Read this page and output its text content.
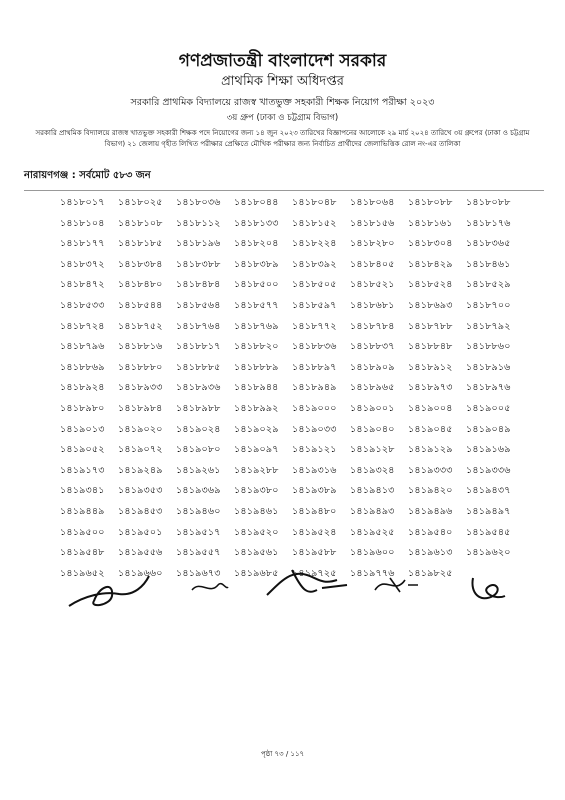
গণপ্রজাতন্ত্রী বাংলাদেশ সরকার
প্রাথমিক শিক্ষা অধিদপ্তর
সরকারি প্রাথমিক বিদ্যালয়ে রাজস্ব খাতভুক্ত সহকারী শিক্ষক নিয়োগ পরীক্ষা ২০২৩
৩য় গ্রুপ (ঢাকা ও চট্টগ্রাম বিভাগ)
সরকারি প্রাথমিক বিদ্যালয়ে রাজস্ব খাতভুক্ত সহকারী শিক্ষক পদে নিয়োগের জন্য ১৪ জুন ২০২৩ তারিখের বিজ্ঞাপনের আলোকে ২৯ মার্চ ২০২৪ তারিখে ৩য় গ্রুপের (ঢাকা ও চট্টগ্রাম বিভাগ) ২১ জেলায় গৃহীত লিখিত পরীক্ষার প্রেক্ষিতে মৌখিক পরীক্ষার জন্য নির্বাচিত প্রার্থীদের জেলাভিত্তিক রোল নং-এর তালিকা
নারায়ণগঞ্জ : সর্বমোট ৫৮৩ জন
১৪১৮০১৭	১৪১৮০২৫	১৪১৮০৩৬	১৪১৮০৪৪	১৪১৮০৪৮	১৪১৮০৬৪	১৪১৮০৮৮	১৪১৮০৮৮
১৪১৮১০৪	১৪১৮১০৮	১৪১৮১১২	১৪১৮১৩৩	১৪১৮১৫২	১৪১৮১৫৬	১৪১৮১৬১	১৪১৮১৭৬
১৪১৮১৭৭	১৪১৮১৮৫	১৪১৮১৯৬	১৪১৮২০৪	১৪১৮২২৪	১৪১৮২৮০	১৪১৮৩০৪	১৪১৮৩৬৫
১৪১৮৩৭২	১৪১৮৩৮৪	১৪১৮৩৮৮	১৪১৮৩৮৯	১৪১৮৩৯২	১৪১৮৪০৫	১৪১৮৪২৯	১৪১৮৪৬১
১৪১৮৪৭২	১৪১৮৪৮০	১৪১৮৪৮৪	১৪১৮৫০০	১৪১৮৫০৫	১৪১৮৫২১	১৪১৮৫২৪	১৪১৮৫২৯
১৪১৮৫৩৩	১৪১৮৫৪৪	১৪১৮৫৬৪	১৪১৮৫৭৭	১৪১৮৫৯৭	১৪১৮৬৮১	১৪১৮৬৯৩	১৪১৮৭০০
১৪১৮৭২৪	১৪১৮৭৫২	১৪১৮৭৬৪	১৪১৮৭৬৯	১৪১৮৭৭২	১৪১৮৭৮৪	১৪১৮৭৮৮	১৪১৮৭৯২
১৪১৮৭৯৬	১৪১৮৮১৬	১৪১৮৮১৭	১৪১৮৮২০	১৪১৮৮৩৬	১৪১৮৮৩৭	১৪১৮৮৪৮	১৪১৮৮৬০
১৪১৮৮৬৯	১৪১৮৮৮০	১৪১৮৮৮৫	১৪১৮৮৮৯	১৪১৮৮৯৭	১৪১৮৯০৯	১৪১৮৯১২	১৪১৮৯১৬
১৪১৮৯২৪	১৪১৮৯৩৩	১৪১৮৯৩৬	১৪১৮৯৪৪	১৪১৮৯৪৯	১৪১৮৯৬৫	১৪১৮৯৭৩	১৪১৮৯৭৬
১৪১৮৯৮০	১৪১৮৯৮৪	১৪১৮৯৮৮	১৪১৮৯৯২	১৪১৯০০০	১৪১৯০০১	১৪১৯০০৪	১৪১৯০০৫
১৪১৯০১৩	১৪১৯০২০	১৪১৯০২৪	১৪১৯০২৯	১৪১৯০৩৩	১৪১৯০৪০	১৪১৯০৪৫	১৪১৯০৪৯
১৪১৯০৫২	১৪১৯০৭২	১৪১৯০৮০	১৪১৯০৯৭	১৪১৯১২১	১৪১৯১২৮	১৪১৯১২৯	১৪১৯১৬৯
১৪১৯১৭৩	১৪১৯২৪৯	১৪১৯২৬১	১৪১৯২৮৮	১৪১৯৩১৬	১৪১৯৩২৪	১৪১৯৩৩৩	১৪১৯৩৩৬
১৪১৯৩৪১	১৪১৯৩৫৩	১৪১৯৩৬৯	১৪১৯৩৮০	১৪১৯৩৮৯	১৪১৯৪১৩	১৪১৯৪২০	১৪১৯৪৩৭
১৪১৯৪৪৯	১৪১৯৪৫৩	১৪১৯৪৬০	১৪১৯৪৬১	১৪১৯৪৮০	১৪১৯৪৯৩	১৪১৯৪৯৬	১৪১৯৪৯৭
১৪১৯৫০০	১৪১৯৫০১	১৪১৯৫১৭	১৪১৯৫২০	১৪১৯৫২৪	১৪১৯৫২৫	১৪১৯৫৪০	১৪১৯৫৪৫
১৪১৯৫৪৮	১৪১৯৫৫৬	১৪১৯৫৫৭	১৪১৯৫৬১	১৪১৯৫৮৮	১৪১৯৬০০	১৪১৯৬১৩	১৪১৯৬২০
১৪১৯৬৫২	১৪১৯৬৬০	১৪১৯৬৭৩	১৪১৯৬৮৫	১৪১৯৭২৫	১৪১৯৭৭৬	১৪১৯৮২৫
পৃষ্ঠা ৭৩ / ১১৭
